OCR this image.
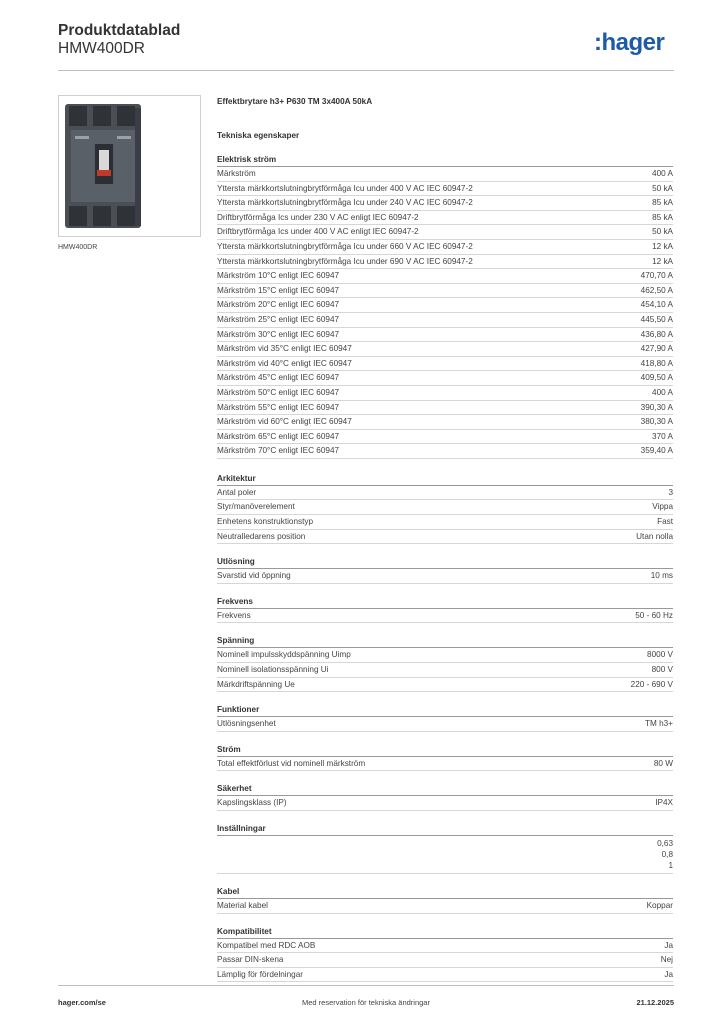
Produktdatablad
HMW400DR	:hager
HMW400DR
Effektbrytare h3+ P630 TM 3x400A 50kA
Tekniska egenskaper
Elektrisk ström
Märkström	400 A
Yttersta märkkortslutningbrytförmåga Icu under 400 V AC IEC 60947-2	50 kA
Yttersta märkkortslutningbrytförmåga Icu under 240 V AC IEC 60947-2	85 kA
Driftbrytförmåga Ics under 230 V AC enligt IEC 60947-2	85 kA
Driftbrytförmåga Ics under 400 V AC enligt IEC 60947-2	50 kA
Yttersta märkkortslutningbrytförmåga Icu under 660 V AC IEC 60947-2	12 kA
Yttersta märkkortslutningbrytförmåga Icu under 690 V AC IEC 60947-2	12 kA
Märkström 10°C enligt IEC 60947	470,70 A
Märkström 15°C enligt IEC 60947	462,50 A
Märkström 20°C enligt IEC 60947	454,10 A
Märkström 25°C enligt IEC 60947	445,50 A
Märkström 30°C enligt IEC 60947	436,80 A
Märkström vid 35°C enligt IEC 60947	427,90 A
Märkström vid 40°C enligt IEC 60947	418,80 A
Märkström 45°C enligt IEC 60947	409,50 A
Märkström 50°C enligt IEC 60947	400 A
Märkström 55°C enligt IEC 60947	390,30 A
Märkström vid 60°C enligt IEC 60947	380,30 A
Märkström 65°C enligt IEC 60947	370 A
Märkström 70°C enligt IEC 60947	359,40 A
Arkitektur
Antal poler	3
Styr/manöverelement	Vippa
Enhetens konstruktionstyp	Fast
Neutralledarens position	Utan nolla
Utlösning
Svarstid vid öppning	10 ms
Frekvens
Frekvens	50 - 60 Hz
Spänning
Nominell impulsskyddspänning Uimp	8000 V
Nominell isolationsspänning Ui	800 V
Märkdriftspänning Ue	220 - 690 V
Funktioner
Utlösningsenhet	TM h3+
Ström
Total effektförlust vid nominell märkström	80 W
Säkerhet
Kapslingsklass (IP)	IP4X
Inställningar
0,63
0,8
1
Kabel
Material kabel	Koppar
Kompatibilitet
Kompatibel med RDC AOB	Ja
Passar DIN-skena	Nej
Lämplig för fördelningar	Ja
hager.com/se	Med reservation för tekniska ändringar	21.12.2025
